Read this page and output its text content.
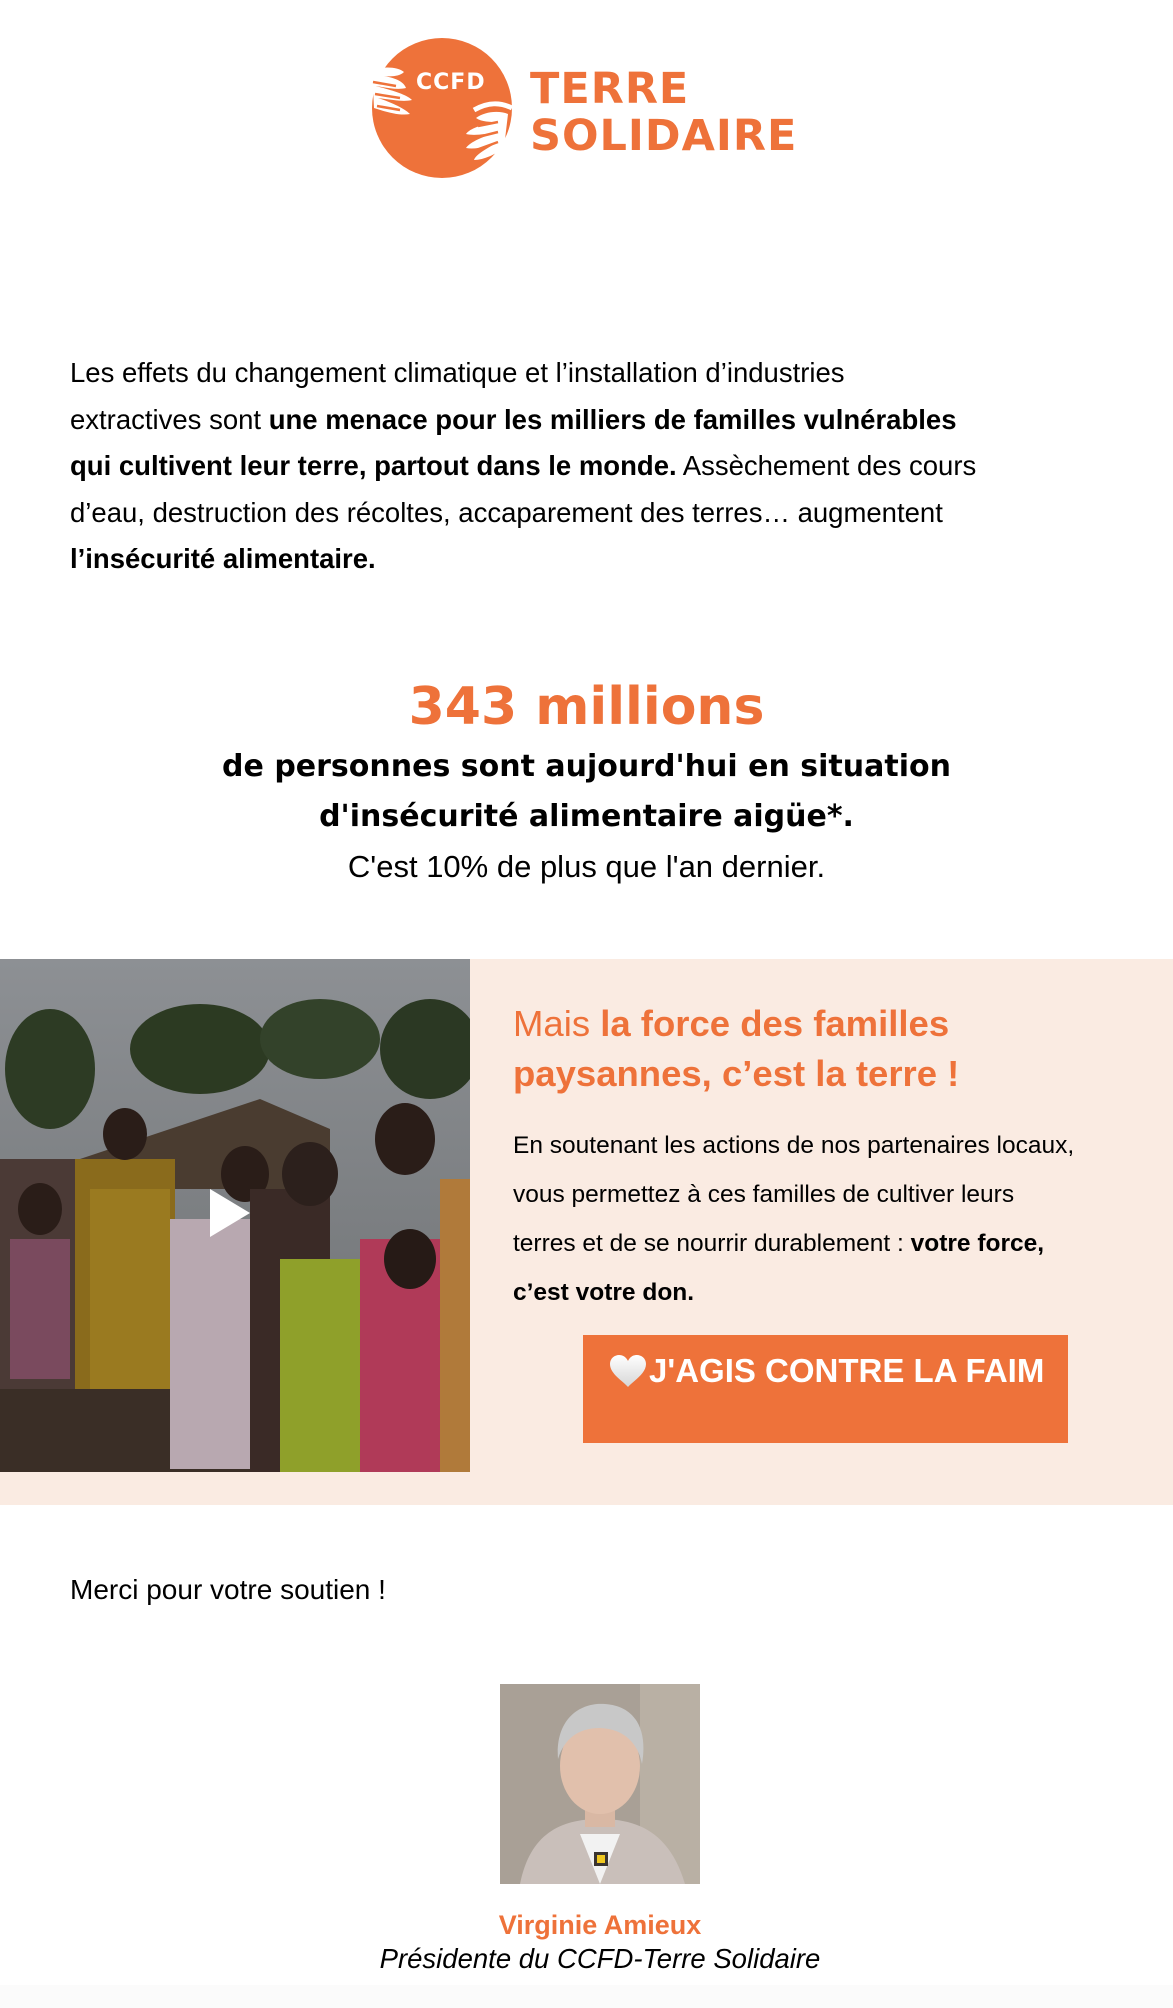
CCFD TERRE
SOLIDAIRE
Les effets du changement climatique et l’installation d’industries
extractives sont une menace pour les milliers de familles vulnérables
qui cultivent leur terre, partout dans le monde. Assèchement des cours
d’eau, destruction des récoltes, accaparement des terres… augmentent
l’insécurité alimentaire.
343 millions
de personnes sont aujourd'hui en situation
d'insécurité alimentaire aigüe*.
C'est 10% de plus que l'an dernier.
Mais la force des familles
paysannes, c’est la terre !
En soutenant les actions de nos partenaires locaux,
vous permettez à ces familles de cultiver leurs
terres et de se nourrir durablement : votre force,
c’est votre don.
J'AGIS CONTRE LA FAIM
Merci pour votre soutien !
Virginie Amieux
Présidente du CCFD-Terre Solidaire
